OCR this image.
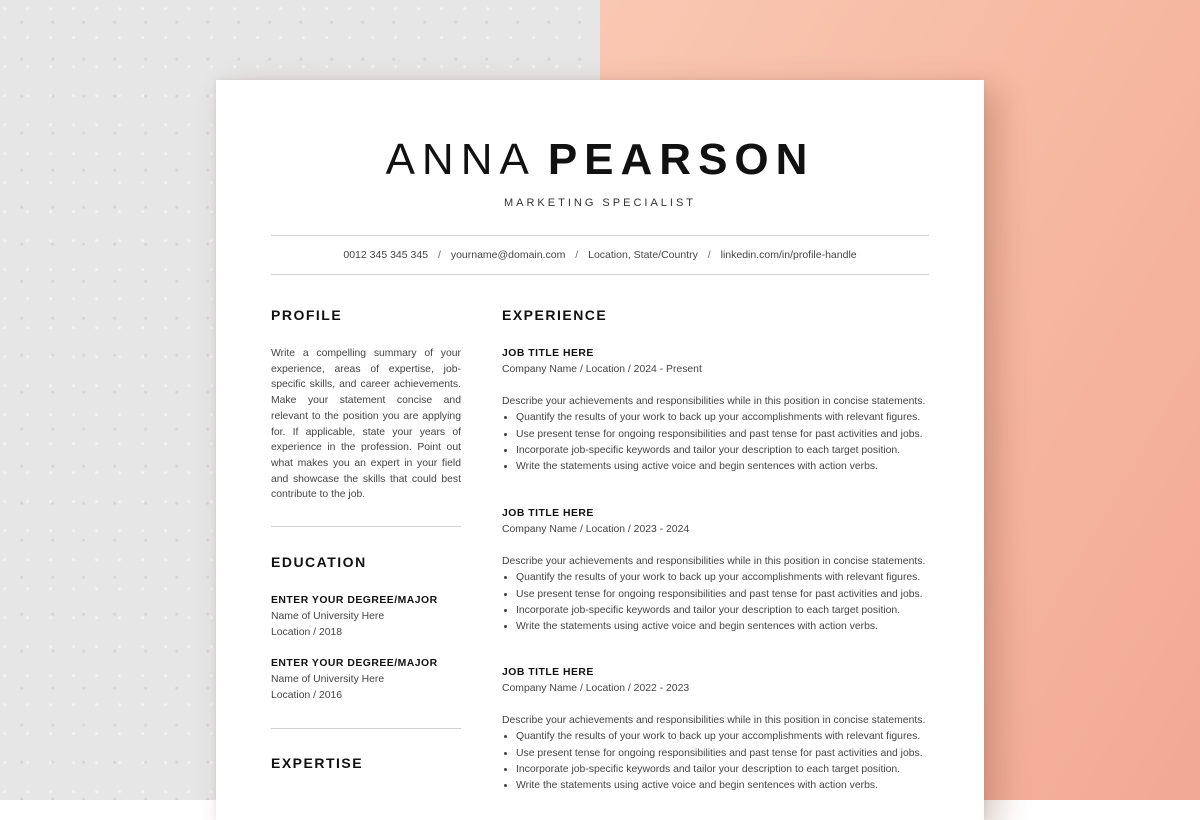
ANNA PEARSON
MARKETING SPECIALIST
0012 345 345 345 / yourname@domain.com / Location, State/Country / linkedin.com/in/profile-handle
PROFILE

Write a compelling summary of your experience, areas of expertise, job-specific skills, and career achievements. Make your statement concise and relevant to the position you are applying for. If applicable, state your years of experience in the profession. Point out what makes you an expert in your field and showcase the skills that could best contribute to the job.

EDUCATION
ENTER YOUR DEGREE/MAJOR
Name of University Here
Location / 2018
ENTER YOUR DEGREE/MAJOR
Name of University Here
Location / 2016
EXPERTISE
EXPERIENCE
JOB TITLE HERE
Company Name / Location / 2024 - Present
Describe your achievements and responsibilities while in this position in concise statements.
• Quantify the results of your work to back up your accomplishments with relevant figures.
• Use present tense for ongoing responsibilities and past tense for past activities and jobs.
• Incorporate job-specific keywords and tailor your description to each target position.
• Write the statements using active voice and begin sentences with action verbs.
JOB TITLE HERE
Company Name / Location / 2023 - 2024
Describe your achievements and responsibilities while in this position in concise statements.
• Quantify the results of your work to back up your accomplishments with relevant figures.
• Use present tense for ongoing responsibilities and past tense for past activities and jobs.
• Incorporate job-specific keywords and tailor your description to each target position.
• Write the statements using active voice and begin sentences with action verbs.
JOB TITLE HERE
Company Name / Location / 2022 - 2023
Describe your achievements and responsibilities while in this position in concise statements.
• Quantify the results of your work to back up your accomplishments with relevant figures.
• Use present tense for ongoing responsibilities and past tense for past activities and jobs.
• Incorporate job-specific keywords and tailor your description to each target position.
• Write the statements using active voice and begin sentences with action verbs.
